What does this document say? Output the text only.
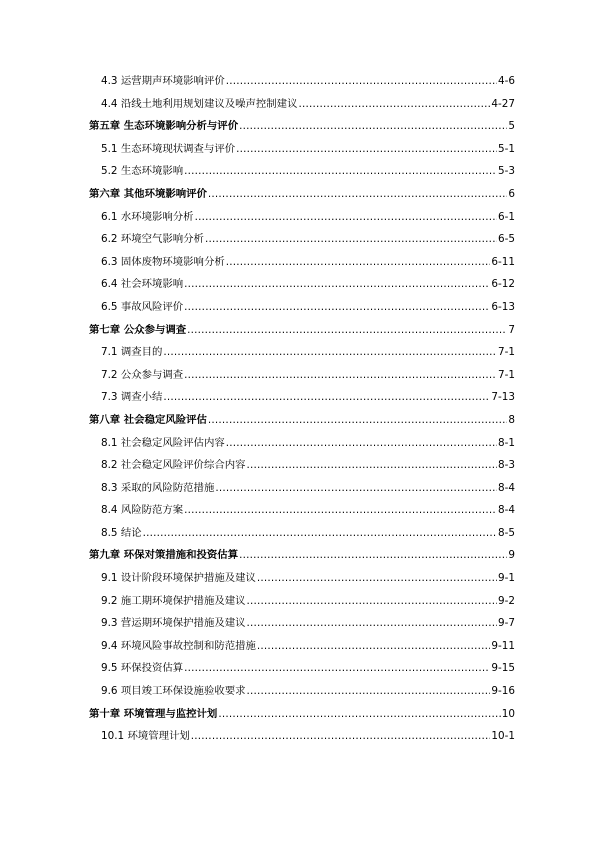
4.3 运营期声环境影响评价 .....	4-6
4.4 沿线土地利用规划建议及噪声控制建议 .....	4-27
第五章 生态环境影响分析与评价 .....	5
5.1 生态环境现状调查与评价 .....	5-1
5.2 生态环境影响 .....	5-3
第六章 其他环境影响评价 .....	6
6.1 水环境影响分析 .....	6-1
6.2 环境空气影响分析 .....	6-5
6.3 固体废物环境影响分析 .....	6-11
6.4 社会环境影响 .....	6-12
6.5 事故风险评价 .....	6-13
第七章 公众参与调查 .....	7
7.1 调查目的 .....	7-1
7.2 公众参与调查 .....	7-1
7.3 调查小结 .....	7-13
第八章 社会稳定风险评估 .....	8
8.1 社会稳定风险评估内容 .....	8-1
8.2 社会稳定风险评价综合内容 .....	8-3
8.3 采取的风险防范措施 .....	8-4
8.4 风险防范方案 .....	8-4
8.5 结论 .....	8-5
第九章 环保对策措施和投资估算 .....	9
9.1 设计阶段环境保护措施及建议 .....	9-1
9.2 施工期环境保护措施及建议 .....	9-2
9.3 营运期环境保护措施及建议 .....	9-7
9.4 环境风险事故控制和防范措施 .....	9-11
9.5 环保投资估算 .....	9-15
9.6 项目竣工环保设施验收要求 .....	9-16
第十章 环境管理与监控计划 .....	10
10.1 环境管理计划 .....	10-1
